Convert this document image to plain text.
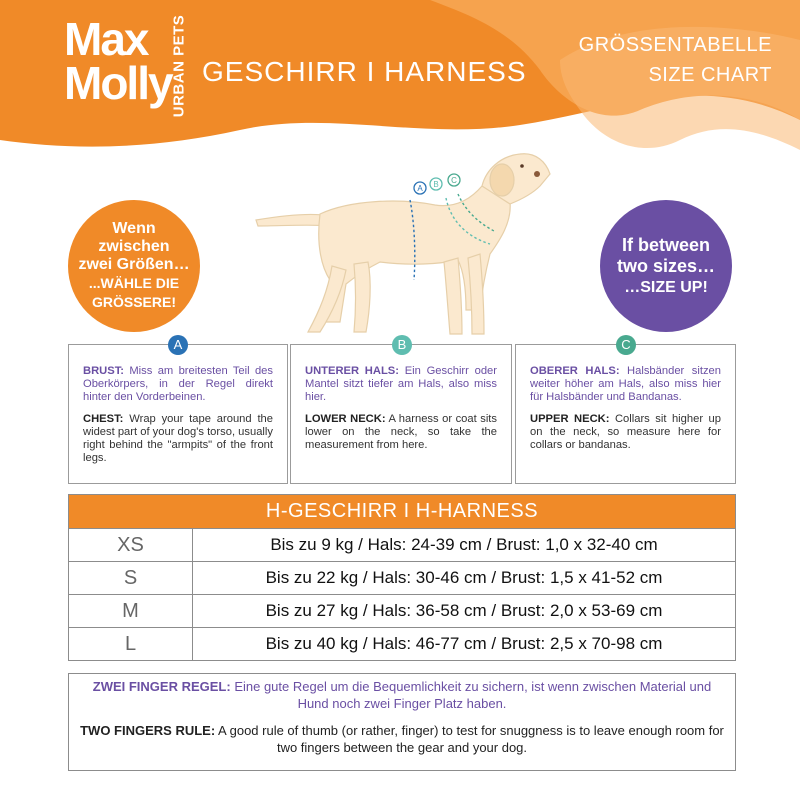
Max
Molly
URBAN PETS GESCHIRR I HARNESS
GRÖSSENTABELLE
SIZE CHART
A B C
Wenn
zwischen
zwei Größen…
...WÄHLE DIE
GRÖSSERE!
If between
two sizes…
…SIZE UP!
A

BRUST: Miss am breitesten Teil des Oberkörpers, in der Regel direkt hinter den Vorderbeinen.

CHEST: Wrap your tape around the widest part of your dog's torso, usually right behind the "armpits" of the front legs.

B

UNTERER HALS: Ein Geschirr oder Mantel sitzt tiefer am Hals, also miss hier.

LOWER NECK: A harness or coat sits lower on the neck, so take the measurement from here.

C

OBERER HALS: Halsbänder sitzen weiter höher am Hals, also miss hier für Halsbänder und Bandanas.

UPPER NECK: Collars sit higher up on the neck, so measure here for collars or bandanas.

H-GESCHIRR I H-HARNESS
XS	Bis zu 9 kg / Hals: 24-39 cm / Brust: 1,0 x 32-40 cm
S	Bis zu 22 kg / Hals: 30-46 cm / Brust: 1,5 x 41-52 cm
M	Bis zu 27 kg / Hals: 36-58 cm / Brust: 2,0 x 53-69 cm
L	Bis zu 40 kg / Hals: 46-77 cm / Brust: 2,5 x 70-98 cm

ZWEI FINGER REGEL: Eine gute Regel um die Bequemlichkeit zu sichern, ist wenn zwischen Material und Hund noch zwei Finger Platz haben.

TWO FINGERS RULE: A good rule of thumb (or rather, finger) to test for snuggness is to leave enough room for two fingers between the gear and your dog.
